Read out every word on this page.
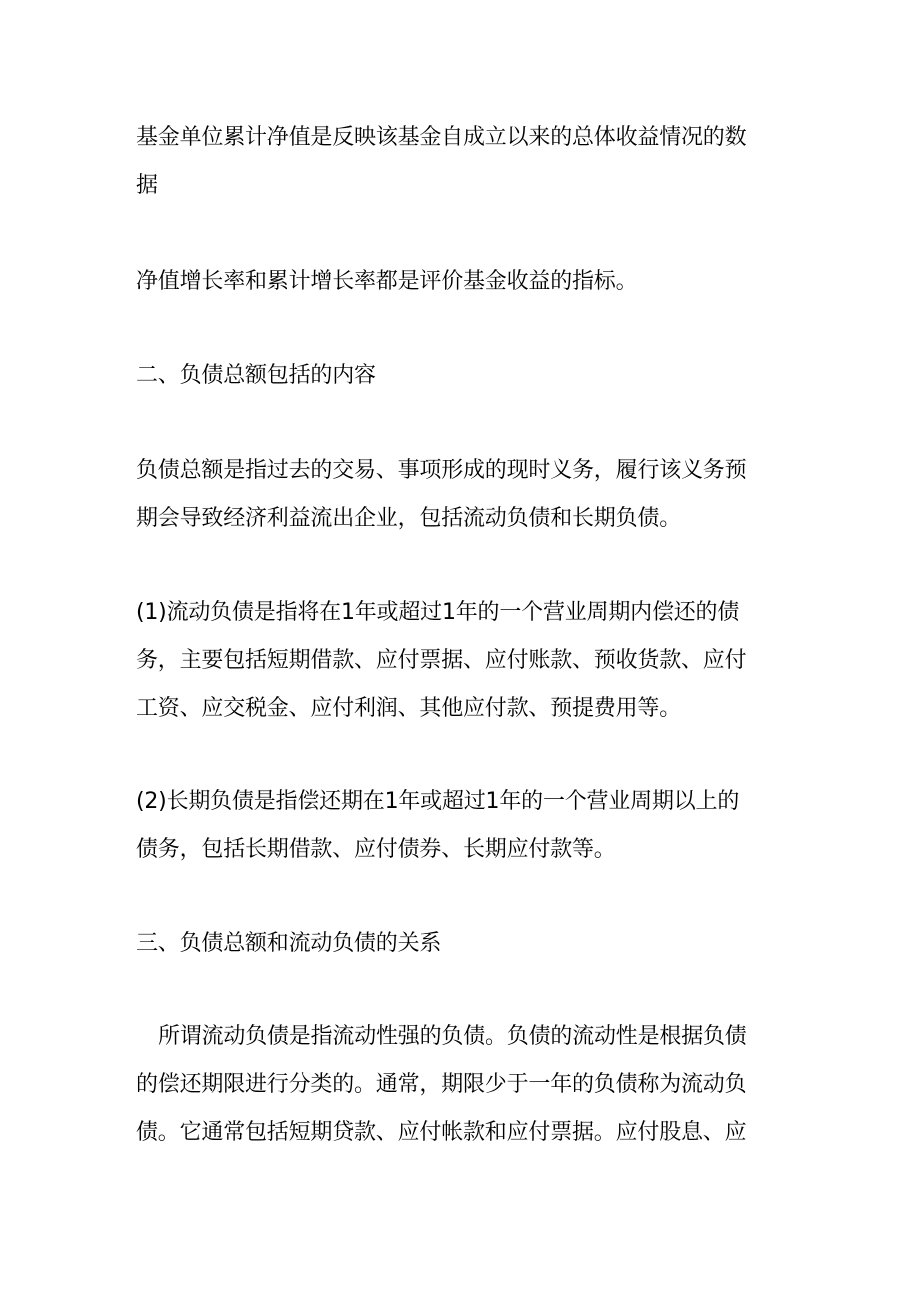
基金单位累计净值是反映该基金自成立以来的总体收益情况的数
据

净值增长率和累计增长率都是评价基金收益的指标。

二、负债总额包括的内容

负债总额是指过去的交易、事项形成的现时义务，履行该义务预
期会导致经济利益流出企业，包括流动负债和长期负债。

(1)流动负债是指将在1年或超过1年的一个营业周期内偿还的债
务，主要包括短期借款、应付票据、应付账款、预收货款、应付
工资、应交税金、应付利润、其他应付款、预提费用等。

(2)长期负债是指偿还期在1年或超过1年的一个营业周期以上的
债务，包括长期借款、应付债券、长期应付款等。

三、负债总额和流动负债的关系

所谓流动负债是指流动性强的负债。负债的流动性是根据负债
的偿还期限进行分类的。通常，期限少于一年的负债称为流动负
债。它通常包括短期贷款、应付帐款和应付票据。应付股息、应
